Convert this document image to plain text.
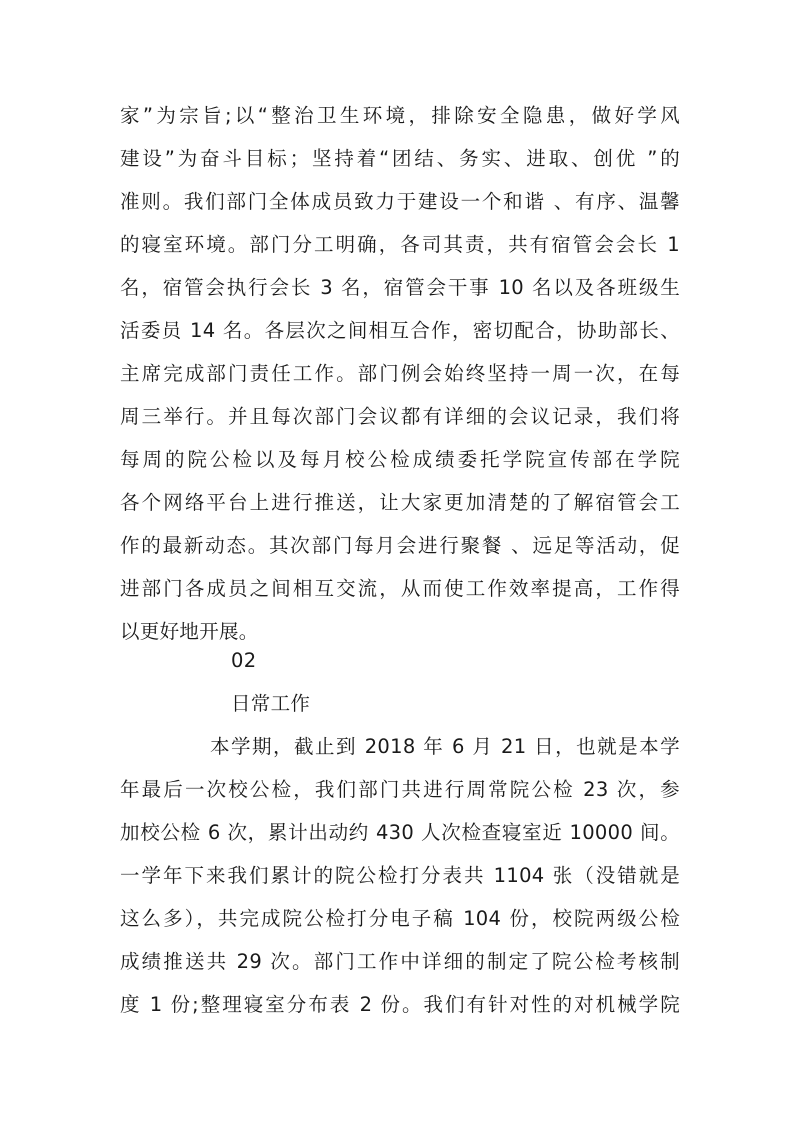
家”为宗旨;以“整治卫生环境，排除安全隐患，做好学风
建设”为奋斗目标；坚持着“团结、务实、进取、创优 ”的
准则。我们部门全体成员致力于建设一个和谐 、有序、温馨
的寝室环境。部门分工明确，各司其责，共有宿管会会长 1
名，宿管会执行会长 3 名，宿管会干事 10 名以及各班级生
活委员 14 名。各层次之间相互合作，密切配合，协助部长、
主席完成部门责任工作。部门例会始终坚持一周一次，在每
周三举行。并且每次部门会议都有详细的会议记录，我们将
每周的院公检以及每月校公检成绩委托学院宣传部在学院
各个网络平台上进行推送，让大家更加清楚的了解宿管会工
作的最新动态。其次部门每月会进行聚餐 、远足等活动，促
进部门各成员之间相互交流，从而使工作效率提高，工作得
以更好地开展。
02
日常工作
本学期，截止到 2018 年 6 月 21 日，也就是本学
年最后一次校公检，我们部门共进行周常院公检 23 次，参
加校公检 6 次，累计出动约 430 人次检查寝室近 10000 间。
一学年下来我们累计的院公检打分表共 1104 张（没错就是
这么多），共完成院公检打分电子稿 104 份，校院两级公检
成绩推送共 29 次。部门工作中详细的制定了院公检考核制
度 1 份;整理寝室分布表 2 份。我们有针对性的对机械学院
